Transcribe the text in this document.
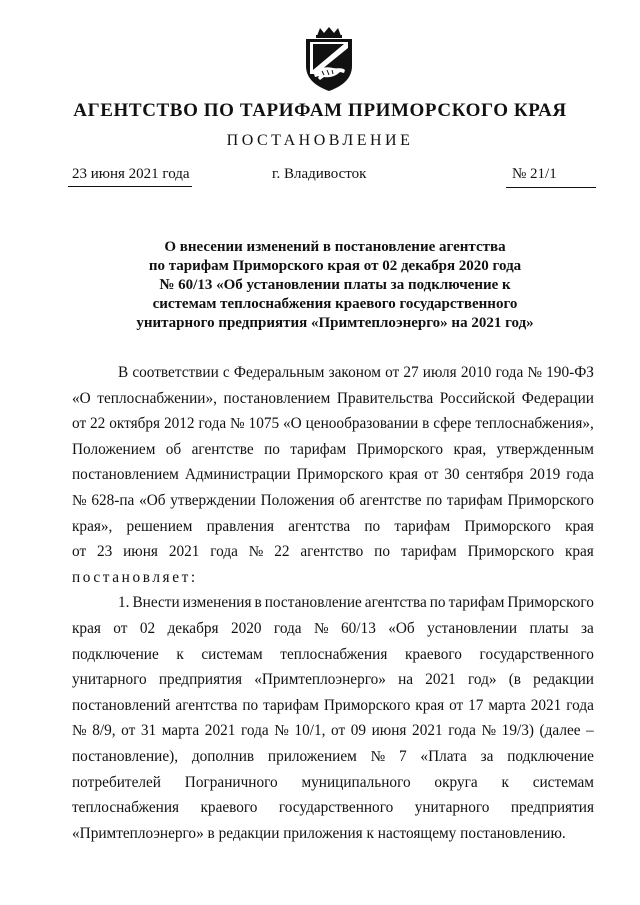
АГЕНТСТВО ПО ТАРИФАМ ПРИМОРСКОГО КРАЯ
ПОСТАНОВЛЕНИЕ
23 июня 2021 года	г. Владивосток	№ 21/1
О внесении изменений в постановление агентства
по тарифам Приморского края от 02 декабря 2020 года
№ 60/13 «Об установлении платы за подключение к
системам теплоснабжения краевого государственного
унитарного предприятия «Примтеплоэнерго» на 2021 год»
В соответствии с Федеральным законом от 27 июля 2010 года № 190-ФЗ
«О теплоснабжении», постановлением Правительства Российской Федерации
от 22 октября 2012 года № 1075 «О ценообразовании в сфере теплоснабжения»,
Положением об агентстве по тарифам Приморского края, утвержденным
постановлением Администрации Приморского края от 30 сентября 2019 года
№ 628-па «Об утверждении Положения об агентстве по тарифам Приморского
края», решением правления агентства по тарифам Приморского края
от 23 июня 2021 года № 22 агентство по тарифам Приморского края
постановляет:
1. Внести изменения в постановление агентства по тарифам Приморского
края от 02 декабря 2020 года № 60/13 «Об установлении платы за
подключение к системам теплоснабжения краевого государственного
унитарного предприятия «Примтеплоэнерго» на 2021 год» (в редакции
постановлений агентства по тарифам Приморского края от 17 марта 2021 года
№ 8/9, от 31 марта 2021 года № 10/1, от 09 июня 2021 года № 19/3) (далее –
постановление), дополнив приложением № 7 «Плата за подключение
потребителей Пограничного муниципального округа к системам
теплоснабжения краевого государственного унитарного предприятия
«Примтеплоэнерго» в редакции приложения к настоящему постановлению.
